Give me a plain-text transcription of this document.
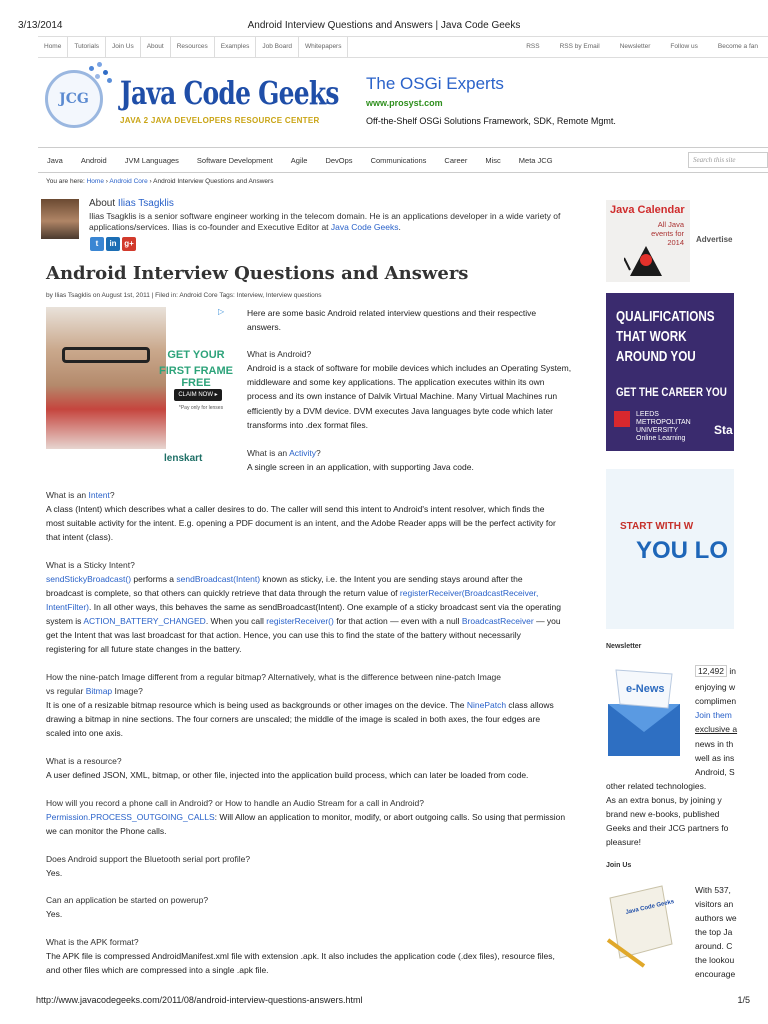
3/13/2014	Android Interview Questions and Answers | Java Code Geeks
Home	Tutorials	Join Us	About	Resources	Examples	Job Board	Whitepapers	RSS	RSS by Email	Newsletter	Follow us	Become a fan
JCG Java Code Geeks
JAVA 2 JAVA DEVELOPERS RESOURCE CENTER
The OSGi Experts
www.prosyst.com
Off-the-Shelf OSGi Solutions Framework, SDK, Remote Mgmt.
Java	Android	JVM Languages	Software Development	Agile	DevOps	Communications	Career	Misc	Meta JCG	Search this site
You are here: Home › Android Core › Android Interview Questions and Answers
About Ilias Tsagklis
Ilias Tsagklis is a senior software engineer working in the telecom domain. He is an applications developer in a wide variety of applications/services. Ilias is co-founder and Executive Editor at Java Code Geeks.
t	in g+
Android Interview Questions and Answers
by Ilias Tsagklis on August 1st, 2011 | Filed in: Android Core Tags: Interview, Interview questions
GET YOUR
FIRST FRAME FREE
CLAIM NOW ▸
*Pay only for lenses
lenskart
▷	Here are some basic Android related interview questions and their respective
answers.
What is Android?
Android is a stack of software for mobile devices which includes an Operating System,
middleware and some key applications. The application executes within its own
process and its own instance of Dalvik Virtual Machine. Many Virtual Machines run
efficiently by a DVM device. DVM executes Java languages byte code which later
transforms into .dex format files.
What is an Activity?
A single screen in an application, with supporting Java code.
What is an Intent?
A class (Intent) which describes what a caller desires to do. The caller will send this intent to Android's intent resolver, which finds the
most suitable activity for the intent. E.g. opening a PDF document is an intent, and the Adobe Reader apps will be the perfect activity for
that intent (class).
What is a Sticky Intent?
sendStickyBroadcast() performs a sendBroadcast(Intent) known as sticky, i.e. the Intent you are sending stays around after the
broadcast is complete, so that others can quickly retrieve that data through the return value of registerReceiver(BroadcastReceiver,
IntentFilter). In all other ways, this behaves the same as sendBroadcast(Intent). One example of a sticky broadcast sent via the operating
system is ACTION_BATTERY_CHANGED. When you call registerReceiver() for that action — even with a null BroadcastReceiver — you
get the Intent that was last broadcast for that action. Hence, you can use this to find the state of the battery without necessarily
registering for all future state changes in the battery.
How the nine-patch Image different from a regular bitmap? Alternatively, what is the difference between nine-patch Image
vs regular Bitmap Image?
It is one of a resizable bitmap resource which is being used as backgrounds or other images on the device. The NinePatch class allows
drawing a bitmap in nine sections. The four corners are unscaled; the middle of the image is scaled in both axes, the four edges are
scaled into one axis.
What is a resource?
A user defined JSON, XML, bitmap, or other file, injected into the application build process, which can later be loaded from code.
How will you record a phone call in Android? or How to handle an Audio Stream for a call in Android?
Permission.PROCESS_OUTGOING_CALLS: Will Allow an application to monitor, modify, or abort outgoing calls. So using that permission
we can monitor the Phone calls.
Does Android support the Bluetooth serial port profile?
Yes.
Can an application be started on powerup?
Yes.
What is the APK format?
The APK file is compressed AndroidManifest.xml file with extension .apk. It also includes the application code (.dex files), resource files,
and other files which are compressed into a single .apk file.
Java Calendar
All Java events for 2014 Advertise
QUALIFICATIONS
THAT WORK
AROUND YOU
GET THE CAREER YOU
LEEDS
METROPOLITAN
UNIVERSITY
Online Learning
Sta
START WITH W
YOU LO
Newsletter
e-News
12,492 in
enjoying w
complimen
Join them
exclusive a
news in th
well as ins
Android, S
other related technologies.
As an extra bonus, by joining y
brand new e-books, published
Geeks and their JCG partners fo
pleasure!
Join Us
Java Code Geeks
With 537,
visitors an
authors we
the top Ja
around. C
the lookou
encourage
http://www.javacodegeeks.com/2011/08/android-interview-questions-answers.html	1/5
